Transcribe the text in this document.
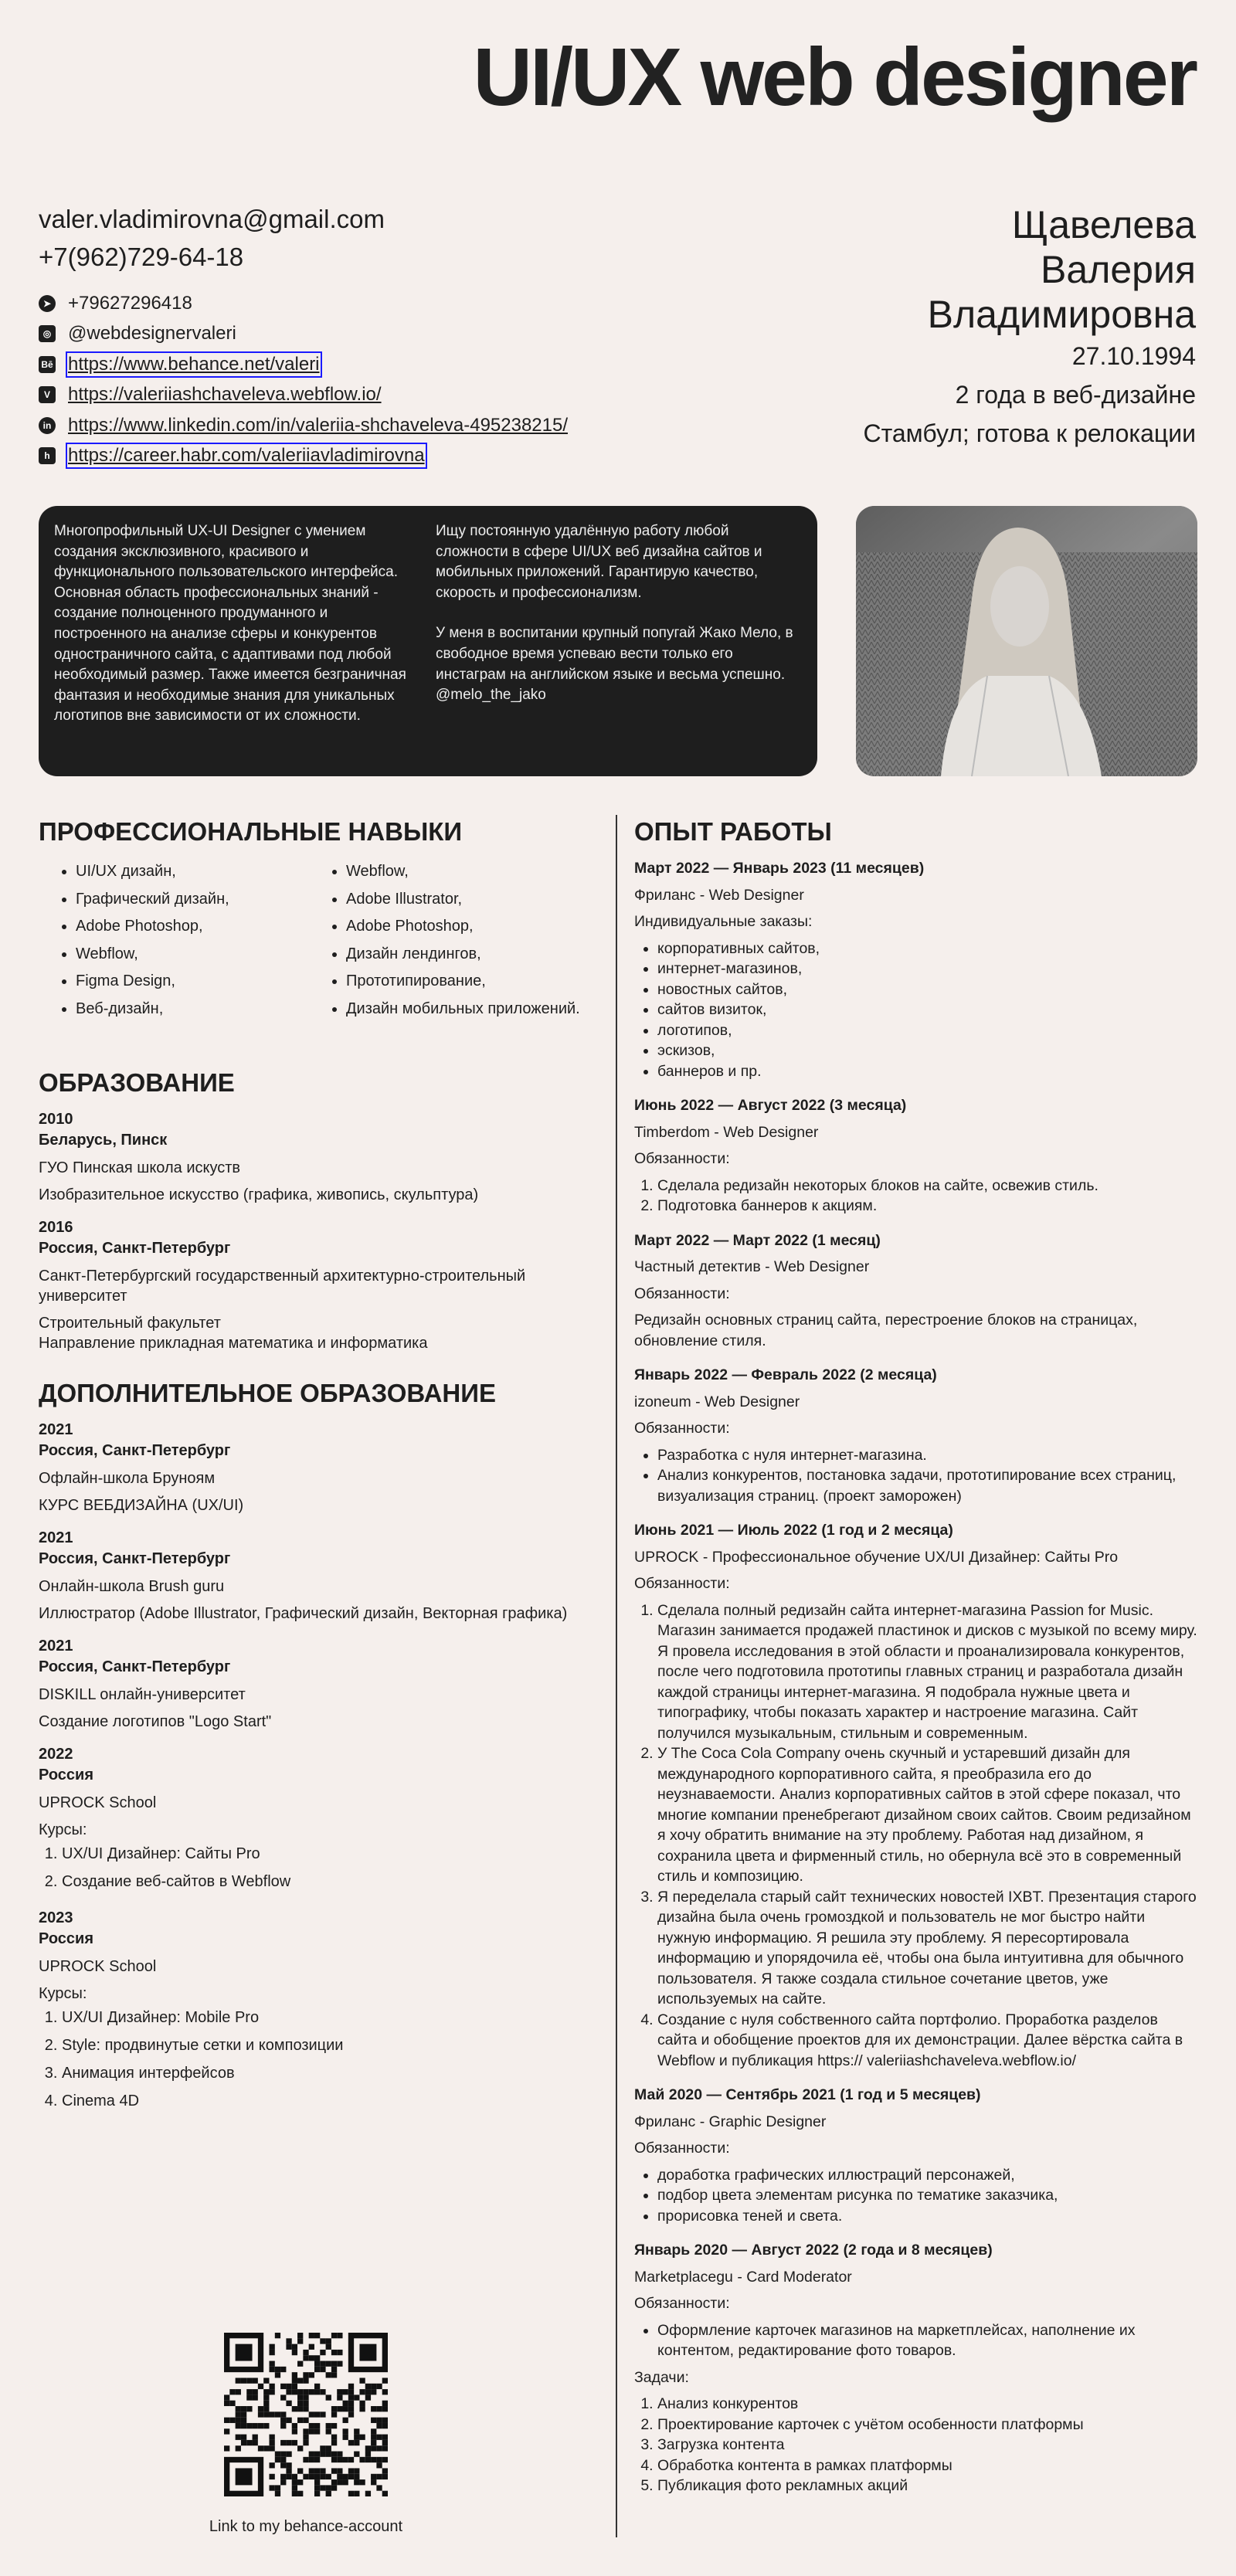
UI/UX web designer
valer.vladimirovna@gmail.com
+7(962)729-64-18
➤ +79627296418
◎ @webdesignervaleri
Bē https://www.behance.net/valeri
V https://valeriiashchaveleva.webflow.io/
in https://www.linkedin.com/in/valeriia-shchaveleva-495238215/
h https://career.habr.com/valeriiavladimirovna
Щавелева
Валерия
Владимировна
27.10.1994
2 года в веб-дизайне
Стамбул; готова к релокации

Многопрофильный UX-UI Designer с умением создания эксклюзивного, красивого и функционального пользовательского интерфейса. Основная область профессиональных знаний - создание полноценного продуманного и построенного на анализе сферы и конкурентов одностраничного сайта, с адаптивами под любой необходимый размер. Также имеется безграничная фантазия и необходимые знания для уникальных логотипов вне зависимости от их сложности.

Ищу постоянную удалённую работу любой сложности в сфере UI/UX веб дизайна сайтов и мобильных приложений. Гарантирую качество, скорость и профессионализм.

У меня в воспитании крупный попугай Жако Мело, в свободное время успеваю вести только его инстаграм на английском языке и весьма успешно. @melo_the_jako

ПРОФЕССИОНАЛЬНЫЕ НАВЫКИ
• UI/UX дизайн,
• Графический дизайн,
• Adobe Photoshop,
• Webflow,
• Figma Design,
• Веб-дизайн,
• Webflow,
• Adobe Illustrator,
• Adobe Photoshop,
• Дизайн лендингов,
• Прототипирование,
• Дизайн мобильных приложений.
ОБРАЗОВАНИЕ
2010
Беларусь, Пинск

ГУО Пинская школа искуств

Изобразительное искусство (графика, живопись, скульптура)

2016
Россия, Санкт-Петербург

Санкт-Петербургский государственный архитектурно-строительный университет

Строительный факультет
Направление прикладная математика и информатика

ДОПОЛНИТЕЛЬНОЕ ОБРАЗОВАНИЕ
2021
Россия, Санкт-Петербург

Офлайн-школа Бруноям

КУРС ВЕБДИЗАЙНА (UX/UI)

2021
Россия, Санкт-Петербург

Онлайн-школа Brush guru

Иллюстратор (Adobe Illustrator, Графический дизайн, Векторная графика)

2021
Россия, Санкт-Петербург

DISKILL онлайн-университет

Создание логотипов "Logo Start"

2022
Россия

UPROCK School

Курсы:
1. UX/UI Дизайнер: Сайты Pro
2. Создание веб-сайтов в Webflow
2023
Россия

UPROCK School

Курсы:
1. UX/UI Дизайнер: Mobile Pro
2. Style: продвинутые сетки и композиции
3. Анимация интерфейсов
4. Cinema 4D
ОПЫТ РАБОТЫ
Март 2022 — Январь 2023 (11 месяцев)

Фриланс - Web Designer

Индивидуальные заказы:

• корпоративных сайтов,
• интернет-магазинов,
• новостных сайтов,
• сайтов визиток,
• логотипов,
• эскизов,
• баннеров и пр.
Июнь 2022 — Август 2022 (3 месяца)

Timberdom - Web Designer

Обязанности:

1. Сделала редизайн некоторых блоков на сайте, освежив стиль.
2. Подготовка баннеров к акциям.
Март 2022 — Март 2022 (1 месяц)

Частный детектив - Web Designer

Обязанности:

Редизайн основных страниц сайта, перестроение блоков на страницах, обновление стиля.

Январь 2022 — Февраль 2022 (2 месяца)

izoneum - Web Designer

Обязанности:

• Разработка с нуля интернет-магазина.
• Анализ конкурентов, постановка задачи, прототипирование всех страниц, визуализация страниц. (проект заморожен)
Июнь 2021 — Июль 2022 (1 год и 2 месяца)

UPROCK - Профессиональное обучение UX/UI Дизайнер: Сайты Pro

Обязанности:

1. Сделала полный редизайн сайта интернет-магазина Passion for Music. Магазин занимается продажей пластинок и дисков с музыкой по всему миру. Я провела исследования в этой области и проанализировала конкурентов, после чего подготовила прототипы главных страниц и разработала дизайн каждой страницы интернет-магазина. Я подобрала нужные цвета и типографику, чтобы показать характер и настроение магазина. Сайт получился музыкальным, стильным и современным.
2. У The Coca Cola Company очень скучный и устаревший дизайн для международного корпоративного сайта, я преобразила его до неузнаваемости. Анализ корпоративных сайтов в этой сфере показал, что многие компании пренебрегают дизайном своих сайтов. Своим редизайном я хочу обратить внимание на эту проблему. Работая над дизайном, я сохранила цвета и фирменный стиль, но обернула всё это в современный стиль и композицию.
3. Я переделала старый сайт технических новостей IXBT. Презентация старого дизайна была очень громоздкой и пользователь не мог быстро найти нужную информацию. Я решила эту проблему. Я пересортировала информацию и упорядочила её, чтобы она была интуитивна для обычного пользователя. Я также создала стильное сочетание цветов, уже используемых на сайте.
4. Создание с нуля собственного сайта портфолио. Проработка разделов сайта и обобщение проектов для их демонстрации. Далее вёрстка сайта в Webflow и публикация https:// valeriiashchaveleva.webflow.io/
Май 2020 — Сентябрь 2021 (1 год и 5 месяцев)

Фриланс - Graphic Designer

Обязанности:

• доработка графических иллюстраций персонажей,
• подбор цвета элементам рисунка по тематике заказчика,
• прорисовка теней и света.
Январь 2020 — Август 2022 (2 года и 8 месяцев)

Marketplacegu - Card Moderator

Обязанности:

• Оформление карточек магазинов на маркетплейсах, наполнение их контентом, редактирование фото товаров.

Задачи:

1. Анализ конкурентов
2. Проектирование карточек с учётом особенности платформы
3. Загрузка контента
4. Обработка контента в рамках платформы
5. Публикация фото рекламных акций
Link to my behance-account
